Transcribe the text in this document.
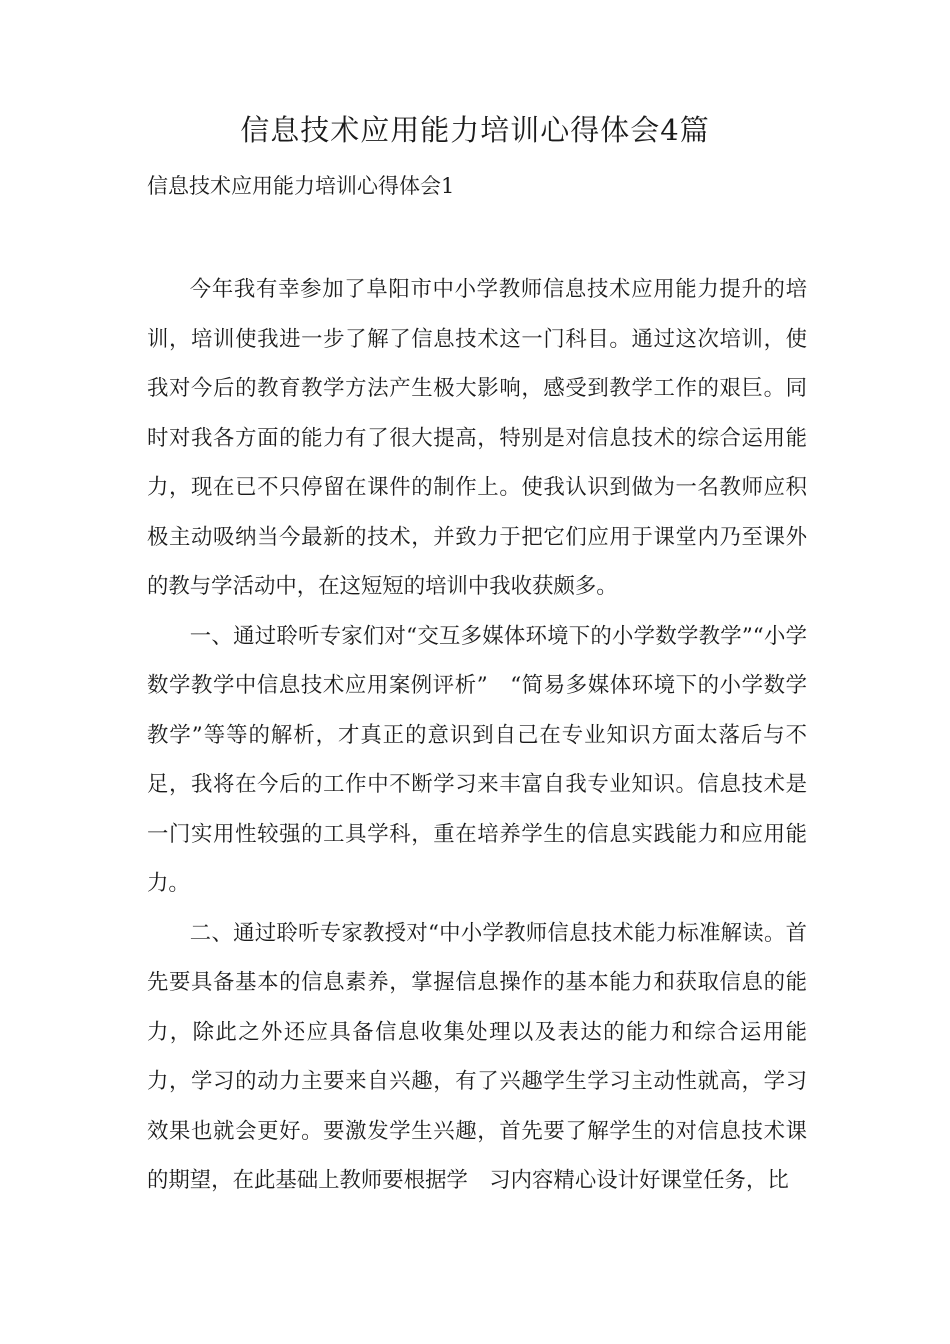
信息技术应用能力培训心得体会4篇
信息技术应用能力培训心得体会1

今年我有幸参加了阜阳市中小学教师信息技术应用能力提升的培训，培训使我进一步了解了信息技术这一门科目。通过这次培训，使我对今后的教育教学方法产生极大影响，感受到教学工作的艰巨。同时对我各方面的能力有了很大提高，特别是对信息技术的综合运用能力，现在已不只停留在课件的制作上。使我认识到做为一名教师应积极主动吸纳当今最新的技术，并致力于把它们应用于课堂内乃至课外的教与学活动中，在这短短的培训中我收获颇多。

一、通过聆听专家们对“交互多媒体环境下的小学数学教学”“小学数学教学中信息技术应用案例评析”　“简易多媒体环境下的小学数学教学”等等的解析，才真正的意识到自己在专业知识方面太落后与不足，我将在今后的工作中不断学习来丰富自我专业知识。信息技术是一门实用性较强的工具学科，重在培养学生的信息实践能力和应用能力。

二、通过聆听专家教授对“中小学教师信息技术能力标准解读。首先要具备基本的信息素养，掌握信息操作的基本能力和获取信息的能力，除此之外还应具备信息收集处理以及表达的能力和综合运用能力，学习的动力主要来自兴趣，有了兴趣学生学习主动性就高，学习效果也就会更好。要激发学生兴趣，首先要了解学生的对信息技术课的期望，在此基础上教师要根据学　习内容精心设计好课堂任务，比
